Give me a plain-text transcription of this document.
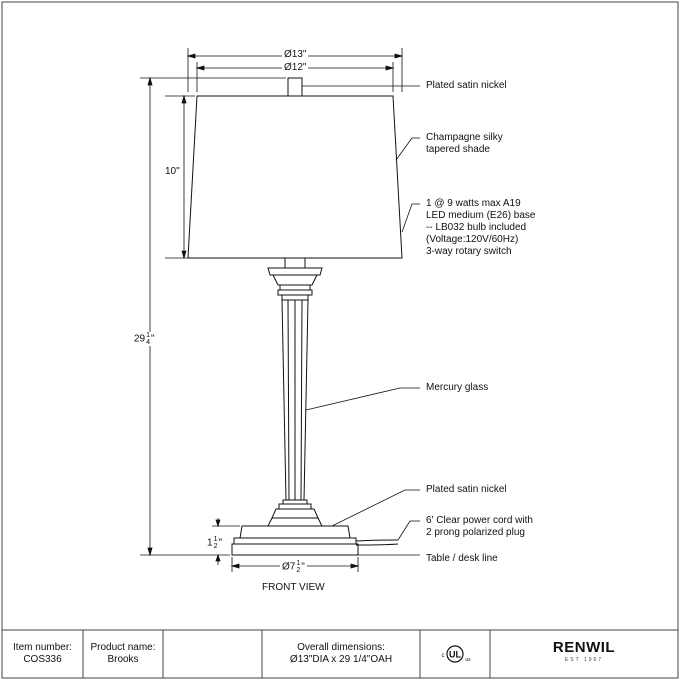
UL
c
us
Ø13"
Ø12"
10"
29 1
4 "
1 1
2 "
Ø7 1
2 "
Plated satin nickel
Champagne silky
tapered shade
1 @ 9 watts max A19
LED medium (E26) base
-- LB032 bulb included
(Voltage:120V/60Hz)
3-way rotary switch
Mercury glass
Plated satin nickel
6' Clear power cord with
2 prong polarized plug
Table / desk line
FRONT VIEW
Item number:
COS336
Product name:
Brooks
Overall dimensions:
Ø13"DIA x 29 1/4"OAH
RENWIL
EST 1967
